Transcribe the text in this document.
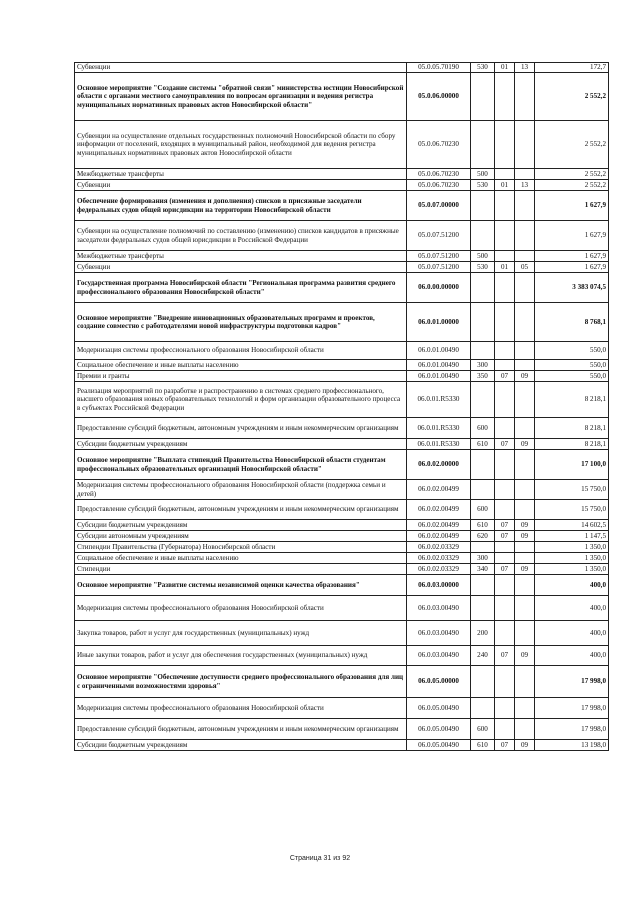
Субвенции	05.0.05.70190	530	01	13	172,7
Основное мероприятие "Создание системы "обратной связи" министерства юстиции Новосибирской области с органами местного самоуправления по вопросам организации и ведения регистра муниципальных нормативных правовых актов Новосибирской области"	05.0.06.00000				2 552,2
Субвенции на осуществление отдельных государственных полномочий Новосибирской области по сбору информации от поселений, входящих в муниципальный район, необходимой для ведения регистра муниципальных нормативных правовых актов Новосибирской области	05.0.06.70230				2 552,2
Межбюджетные трансферты	05.0.06.70230	500			2 552,2
Субвенции	05.0.06.70230	530	01	13	2 552,2
Обеспечение формирования (изменения и дополнения) списков в присяжные заседатели федеральных судов общей юрисдикции на территории Новосибирской области	05.0.07.00000				1 627,9
Субвенции на осуществление полномочий по составлению (изменению) списков кандидатов в присяжные заседатели федеральных судов общей юрисдикции в Российской Федерации	05.0.07.51200				1 627,9
Межбюджетные трансферты	05.0.07.51200	500			1 627,9
Субвенции	05.0.07.51200	530	01	05	1 627,9
Государственная программа Новосибирской области "Региональная программа развития среднего профессионального образования Новосибирской области"	06.0.00.00000				3 383 074,5
Основное мероприятие "Внедрение инновационных образовательных программ и проектов, создание совместно с работодателями новой инфраструктуры подготовки кадров"	06.0.01.00000				8 768,1
Модернизация системы профессионального образования Новосибирской области	06.0.01.00490				550,0
Социальное обеспечение и иные выплаты населению	06.0.01.00490	300			550,0
Премии и гранты	06.0.01.00490	350	07	09	550,0
Реализация мероприятий по разработке и распространению в системах среднего профессионального, высшего образования новых образовательных технологий и форм организации образовательного процесса в субъектах Российской Федерации	06.0.01.R5330				8 218,1
Предоставление субсидий бюджетным, автономным учреждениям и иным некоммерческим организациям	06.0.01.R5330	600			8 218,1
Субсидии бюджетным учреждениям	06.0.01.R5330	610	07	09	8 218,1
Основное мероприятие "Выплата стипендий Правительства Новосибирской области студентам профессиональных образовательных организаций Новосибирской области"	06.0.02.00000				17 100,0
Модернизация системы профессионального образования Новосибирской области (поддержка семьи и детей)	06.0.02.00499				15 750,0
Предоставление субсидий бюджетным, автономным учреждениям и иным некоммерческим организациям	06.0.02.00499	600			15 750,0
Субсидии бюджетным учреждениям	06.0.02.00499	610	07	09	14 602,5
Субсидии автономным учреждениям	06.0.02.00499	620	07	09	1 147,5
Стипендии Правительства (Губернатора) Новосибирской области	06.0.02.03329				1 350,0
Социальное обеспечение и иные выплаты населению	06.0.02.03329	300			1 350,0
Стипендии	06.0.02.03329	340	07	09	1 350,0
Основное мероприятие "Развитие системы независимой оценки качества образования"	06.0.03.00000				400,0
Модернизация системы профессионального образования Новосибирской области	06.0.03.00490				400,0
Закупка товаров, работ и услуг для государственных (муниципальных) нужд	06.0.03.00490	200			400,0
Иные закупки товаров, работ и услуг для обеспечения государственных (муниципальных) нужд	06.0.03.00490	240	07	09	400,0
Основное мероприятие "Обеспечение доступности среднего профессионального образования для лиц с ограниченными возможностями здоровья"	06.0.05.00000				17 998,0
Модернизация системы профессионального образования Новосибирской области	06.0.05.00490				17 998,0
Предоставление субсидий бюджетным, автономным учреждениям и иным некоммерческим организациям	06.0.05.00490	600			17 998,0
Субсидии бюджетным учреждениям	06.0.05.00490	610	07	09	13 198,0
Страница 31 из 92
